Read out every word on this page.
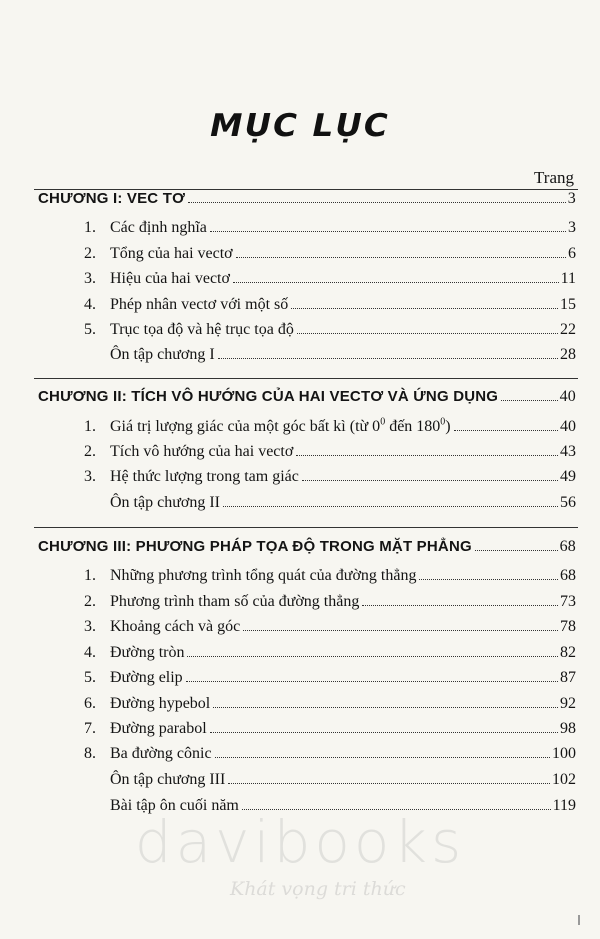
MỤC LỤC
Trang
CHƯƠNG I: VEC TƠ	3
1. Các định nghĩa	3
2. Tổng của hai vectơ	6
3. Hiệu của hai vectơ	11
4. Phép nhân vectơ với một số	15
5. Trục tọa độ và hệ trục tọa độ	22
Ôn tập chương I	28
CHƯƠNG II: TÍCH VÔ HƯỚNG CỦA HAI VECTƠ VÀ ỨNG DỤNG	40
1. Giá trị lượng giác của một góc bất kì (từ $0^0$ đến $180^0$)	40
2. Tích vô hướng của hai vectơ	43
3. Hệ thức lượng trong tam giác	49
Ôn tập chương II	56
CHƯƠNG III: PHƯƠNG PHÁP TỌA ĐỘ TRONG MẶT PHẲNG	68
1. Những phương trình tổng quát của đường thẳng	68
2. Phương trình tham số của đường thẳng	73
3. Khoảng cách và góc	78
4. Đường tròn	82
5. Đường elip	87
6. Đường hypebol	92
7. Đường parabol	98
8. Ba đường cônic	100
Ôn tập chương III	102
Bài tập ôn cuối năm	119
davibooks
Khát vọng tri thức
